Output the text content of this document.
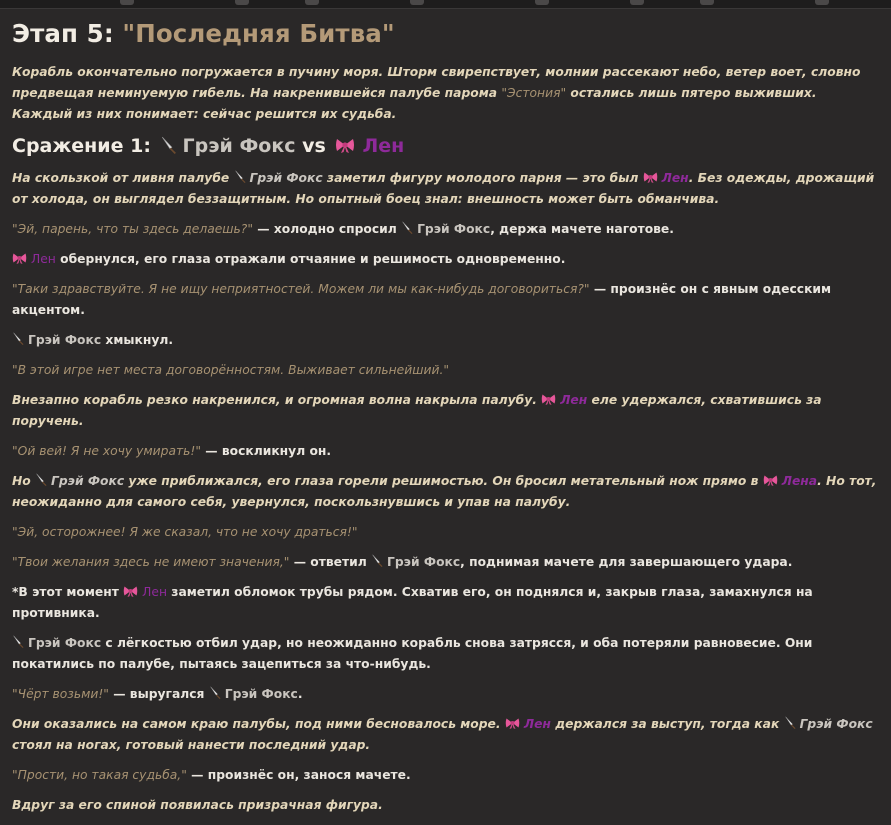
Этап 5: "Последняя Битва"

Корабль окончательно погружается в пучину моря. Шторм свирепствует, молнии рассекают небо, ветер воет, словно предвещая неминуемую гибель. На накренившейся палубе парома "Эстония" остались лишь пятеро выживших. Каждый из них понимает: сейчас решится их судьба.

Сражение 1: Грэй Фокс vs Лен

На скользкой от ливня палубе Грэй Фокс заметил фигуру молодого парня — это был Лен. Без одежды, дрожащий от холода, он выглядел беззащитным. Но опытный боец знал: внешность может быть обманчива.

"Эй, парень, что ты здесь делаешь?" — холодно спросил Грэй Фокс, держа мачете наготове.

Лен обернулся, его глаза отражали отчаяние и решимость одновременно.

"Таки здравствуйте. Я не ищу неприятностей. Можем ли мы как-нибудь договориться?" — произнёс он с явным одесским акцентом.

Грэй Фокс хмыкнул.

"В этой игре нет места договорённостям. Выживает сильнейший."

Внезапно корабль резко накренился, и огромная волна накрыла палубу. Лен еле удержался, схватившись за поручень.

"Ой вей! Я не хочу умирать!" — воскликнул он.

Но Грэй Фокс уже приближался, его глаза горели решимостью. Он бросил метательный нож прямо в Лена. Но тот, неожиданно для самого себя, увернулся, поскользнувшись и упав на палубу.

"Эй, осторожнее! Я же сказал, что не хочу драться!"

"Твои желания здесь не имеют значения," — ответил Грэй Фокс, поднимая мачете для завершающего удара.

*В этот момент Лен заметил обломок трубы рядом. Схватив его, он поднялся и, закрыв глаза, замахнулся на противника.

Грэй Фокс с лёгкостью отбил удар, но неожиданно корабль снова затрясся, и оба потеряли равновесие. Они покатились по палубе, пытаясь зацепиться за что-нибудь.

"Чёрт возьми!" — выругался Грэй Фокс.

Они оказались на самом краю палубы, под ними бесновалось море. Лен держался за выступ, тогда как Грэй Фокс стоял на ногах, готовый нанести последний удар.

"Прости, но такая судьба," — произнёс он, занося мачете.

Вдруг за его спиной появилась призрачная фигура.
